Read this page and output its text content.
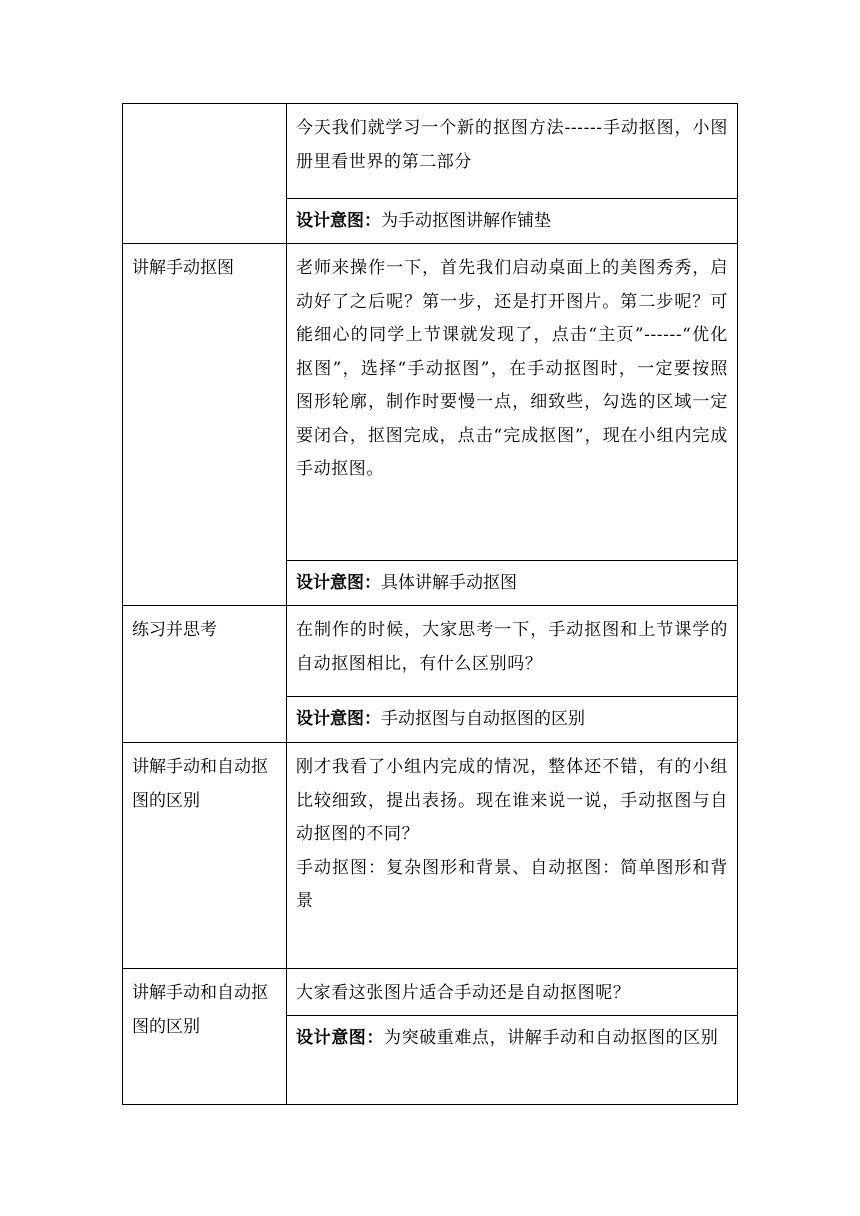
	今天我们就学习一个新的抠图方法------手动抠图，小图册里看世界的第二部分

	设计意图：为手动抠图讲解作铺垫
讲解手动抠图	老师来操作一下，首先我们启动桌面上的美图秀秀，启动好了之后呢？第一步，还是打开图片。第二步呢？可能细心的同学上节课就发现了，点击“主页”------“优化抠图”，选择“手动抠图”，在手动抠图时，一定要按照图形轮廓，制作时要慢一点，细致些，勾选的区域一定要闭合，抠图完成，点击“完成抠图”，现在小组内完成手动抠图。

	设计意图：具体讲解手动抠图
练习并思考	在制作的时候，大家思考一下，手动抠图和上节课学的自动抠图相比，有什么区别吗？

	设计意图：手动抠图与自动抠图的区别
讲解手动和自动抠图的区别	刚才我看了小组内完成的情况，整体还不错，有的小组比较细致，提出表扬。现在谁来说一说，手动抠图与自动抠图的不同？
手动抠图：复杂图形和背景、自动抠图：简单图形和背景

讲解手动和自动抠图的区别	大家看这张图片适合手动还是自动抠图呢？

	设计意图：为突破重难点，讲解手动和自动抠图的区别
